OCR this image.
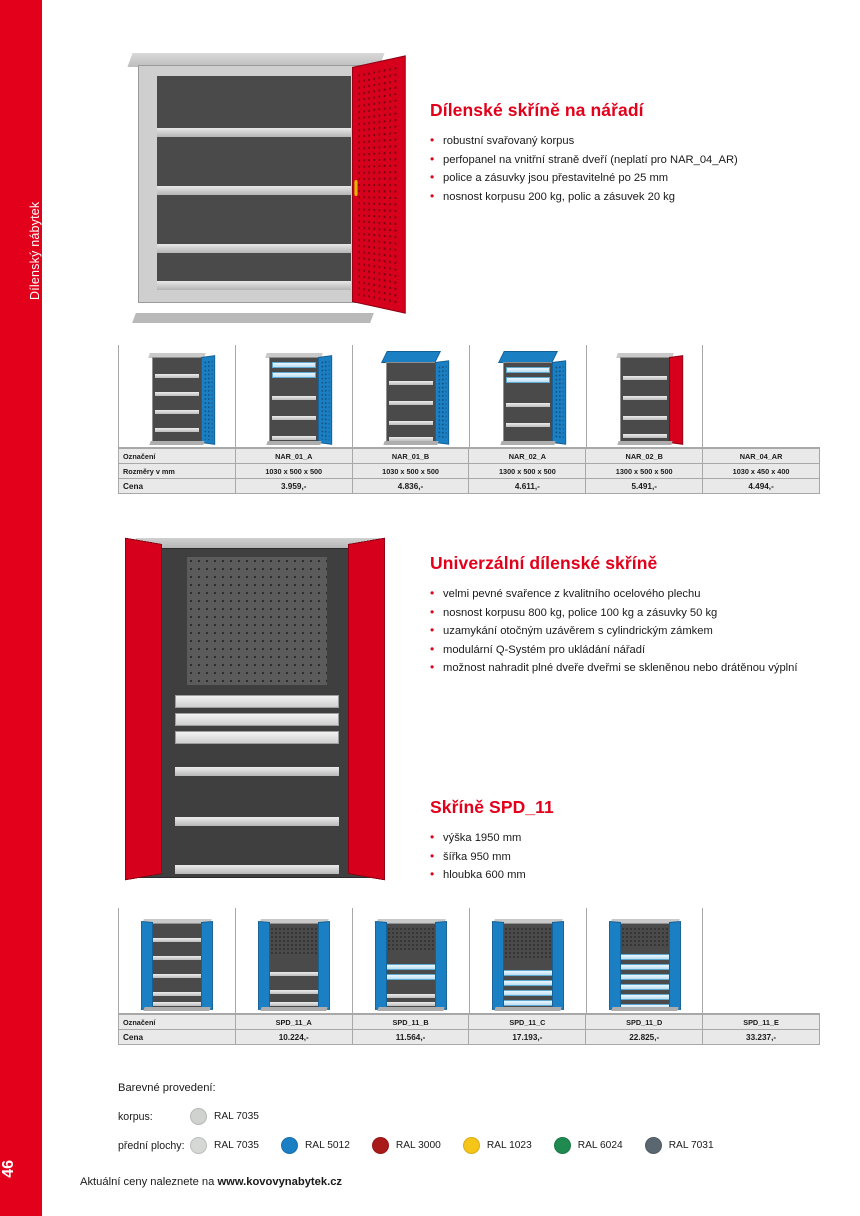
Dílenský nábytek
46
Dílenské skříně na nářadí
• robustní svařovaný korpus
• perfopanel na vnitřní straně dveří (neplatí pro NAR_04_AR)
• police a zásuvky jsou přestavitelné po 25 mm
• nosnost korpusu 200 kg, polic a zásuvek 20 kg
Označení	NAR_01_A	NAR_01_B	NAR_02_A	NAR_02_B	NAR_04_AR
Rozměry v mm	1030 x 500 x 500	1030 x 500 x 500	1300 x 500 x 500	1300 x 500 x 500	1030 x 450 x 400
Cena	3.959,-	4.836,-	4.611,-	5.491,-	4.494,-
Univerzální dílenské skříně
• velmi pevné svařence z kvalitního ocelového plechu
• nosnost korpusu 800 kg, police 100 kg a zásuvky 50 kg
• uzamykání otočným uzávěrem s cylindrickým zámkem
• modulární Q-Systém pro ukládání nářadí
• možnost nahradit plné dveře dveřmi se skleněnou nebo drátěnou výplní
Skříně SPD_11
• výška 1950 mm
• šířka 950 mm
• hloubka 600 mm
Označení	SPD_11_A	SPD_11_B	SPD_11_C	SPD_11_D	SPD_11_E
Cena	10.224,-	11.564,-	17.193,-	22.825,-	33.237,-
Barevné provedení:
korpus:	RAL 7035
přední plochy:	RAL 7035	RAL 5012	RAL 3000	RAL 1023	RAL 6024	RAL 7031
Aktuální ceny naleznete na www.kovovynabytek.cz
